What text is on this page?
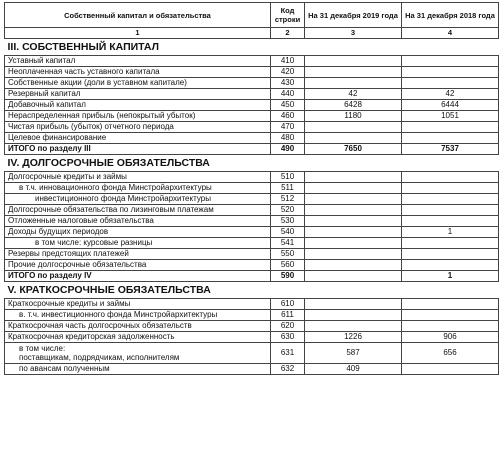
Собственный капитал и обязательства	Код строки	На 31 декабря 2019 года	На 31 декабря 2018 года
1	2	3	4
III. СОБСТВЕННЫЙ КАПИТАЛ			
Уставный капитал	410		
Неоплаченная часть уставного капитала	420		
Собственные акции (доли в уставном капитале)	430		
Резервный капитал	440	42	42
Добавочный капитал	450	6428	6444
Нераспределенная прибыль (непокрытый убыток)	460	1180	1051
Чистая прибыль (убыток) отчетного периода	470		
Целевое финансирование	480		
ИТОГО по разделу III	490	7650	7537
IV. ДОЛГОСРОЧНЫЕ ОБЯЗАТЕЛЬСТВА			
Долгосрочные кредиты и займы	510		
в т.ч. инновационного фонда Минстройархитектуры	511		
инвестиционного фонда Минстройархитектуры	512		
Долгосрочные обязательства по лизинговым платежам	520		
Отложенные налоговые обязательства	530		
Доходы будущих периодов	540		1
в том числе: курсовые разницы	541		
Резервы предстоящих платежей	550		
Прочие долгосрочные обязательства	560		
ИТОГО по разделу IV	590		1
V. КРАТКОСРОЧНЫЕ ОБЯЗАТЕЛЬСТВА			
Краткосрочные кредиты и займы	610		
в. т.ч. инвестиционного фонда Минстройархитектуры	611		
Краткосрочная часть долгосрочных обязательств	620		
Краткосрочная кредиторская задолженность	630	1226	906

в том числе:
поставщикам, подрядчикам, исполнителям	631	587	656
по авансам полученным	632	409	
